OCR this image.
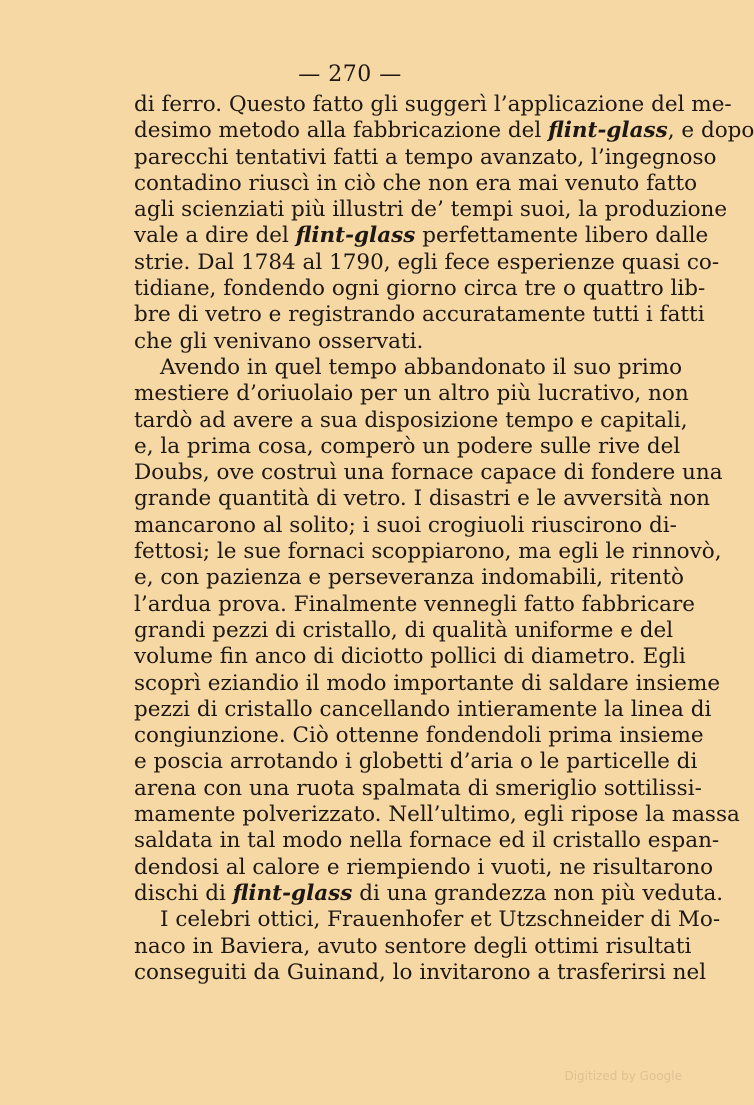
— 270 —
di ferro. Questo fatto gli suggerì l’applicazione del me-
desimo metodo alla fabbricazione del flint-glass, e dopo
parecchi tentativi fatti a tempo avanzato, l’ingegnoso
contadino riuscì in ciò che non era mai venuto fatto
agli scienziati più illustri de’ tempi suoi, la produzione
vale a dire del flint-glass perfettamente libero dalle
strie. Dal 1784 al 1790, egli fece esperienze quasi co-
tidiane, fondendo ogni giorno circa tre o quattro lib-
bre di vetro e registrando accuratamente tutti i fatti
che gli venivano osservati.
Avendo in quel tempo abbandonato il suo primo
mestiere d’oriuolaio per un altro più lucrativo, non
tardò ad avere a sua disposizione tempo e capitali,
e, la prima cosa, comperò un podere sulle rive del
Doubs, ove costruì una fornace capace di fondere una
grande quantità di vetro. I disastri e le avversità non
mancarono al solito; i suoi crogiuoli riuscirono di-
fettosi; le sue fornaci scoppiarono, ma egli le rinnovò,
e, con pazienza e perseveranza indomabili, ritentò
l’ardua prova. Finalmente vennegli fatto fabbricare
grandi pezzi di cristallo, di qualità uniforme e del
volume fin anco di diciotto pollici di diametro. Egli
scoprì eziandio il modo importante di saldare insieme
pezzi di cristallo cancellando intieramente la linea di
congiunzione. Ciò ottenne fondendoli prima insieme
e poscia arrotando i globetti d’aria o le particelle di
arena con una ruota spalmata di smeriglio sottilissi-
mamente polverizzato. Nell’ultimo, egli ripose la massa
saldata in tal modo nella fornace ed il cristallo espan-
dendosi al calore e riempiendo i vuoti, ne risultarono
dischi di flint-glass di una grandezza non più veduta.
I celebri ottici, Frauenhofer et Utzschneider di Mo-
naco in Baviera, avuto sentore degli ottimi risultati
conseguiti da Guinand, lo invitarono a trasferirsi nel
Digitized by Google
